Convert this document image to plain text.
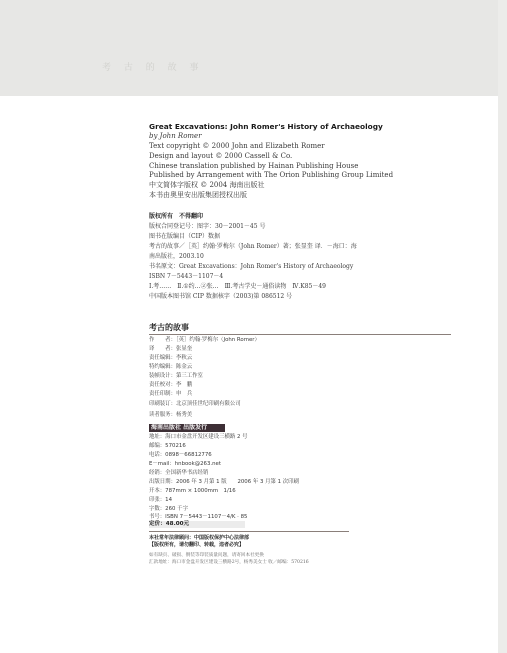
考 古 的 故 事
Great Excavations: John Romer's History of Archaeology
by John Romer
Text copyright © 2000 John and Elizabeth Romer
Design and layout © 2000 Cassell & Co.
Chinese translation published by Hainan Publishing House
Published by Arrangement with The Orion Publishing Group Limited
中文简体字版权 © 2004 海南出版社
本书由奥里安出版集团授权出版
版权所有　不得翻印
版权合同登记号：图字：30－2001－45 号
图书在版编目（CIP）数据
考古的故事／［英］约翰·罗梅尔（John Romer）著；张显奎 译．－海口：海
南出版社，2003.10
书名原文：Great Excavations：John Romer's History of Archaeology
ISBN 7－5443－1107－4
Ⅰ.考……　Ⅱ.①约…②张…　Ⅲ.考古学史－通俗读物　Ⅳ.K85－49
中国版本图书馆 CIP 数据核字（2003)第 086512 号
考古的故事
作　　者：［英］约翰·罗梅尔（John Romer）
译　　者：张显奎
责任编辑：李秋云
特约编辑：陈金云
装帧设计：第三工作室
责任校对：李　鹏
责任印制：申　兵
印刷装订：北京顶佳世纪印刷有限公司
读者服务：杨秀美
海南出版社 出版发行
地址：海口市金盘开发区建设三横路 2 号
邮编：570216
电话：0898－66812776
E－mail：hnbook@263.net
经销：全国新华书店经销
出版日期：2006 年 3 月第 1 版　　2006 年 3 月第 1 次印刷
开本：787mm × 1000mm　1/16
印张：14
字数：260 千字
书号：ISBN 7－5443－1107－4/K · 85
定价：48.00元
本社常年法律顾问：中国版权保护中心法律部
【版权所有，请勿翻印、转载，违者必究】
如有缺页、破损、倒装等印装质量问题，请寄回本社更换
汇款地址：海口市金盘开发区建设三横路2号，杨秀美女士 收／邮编：570216
